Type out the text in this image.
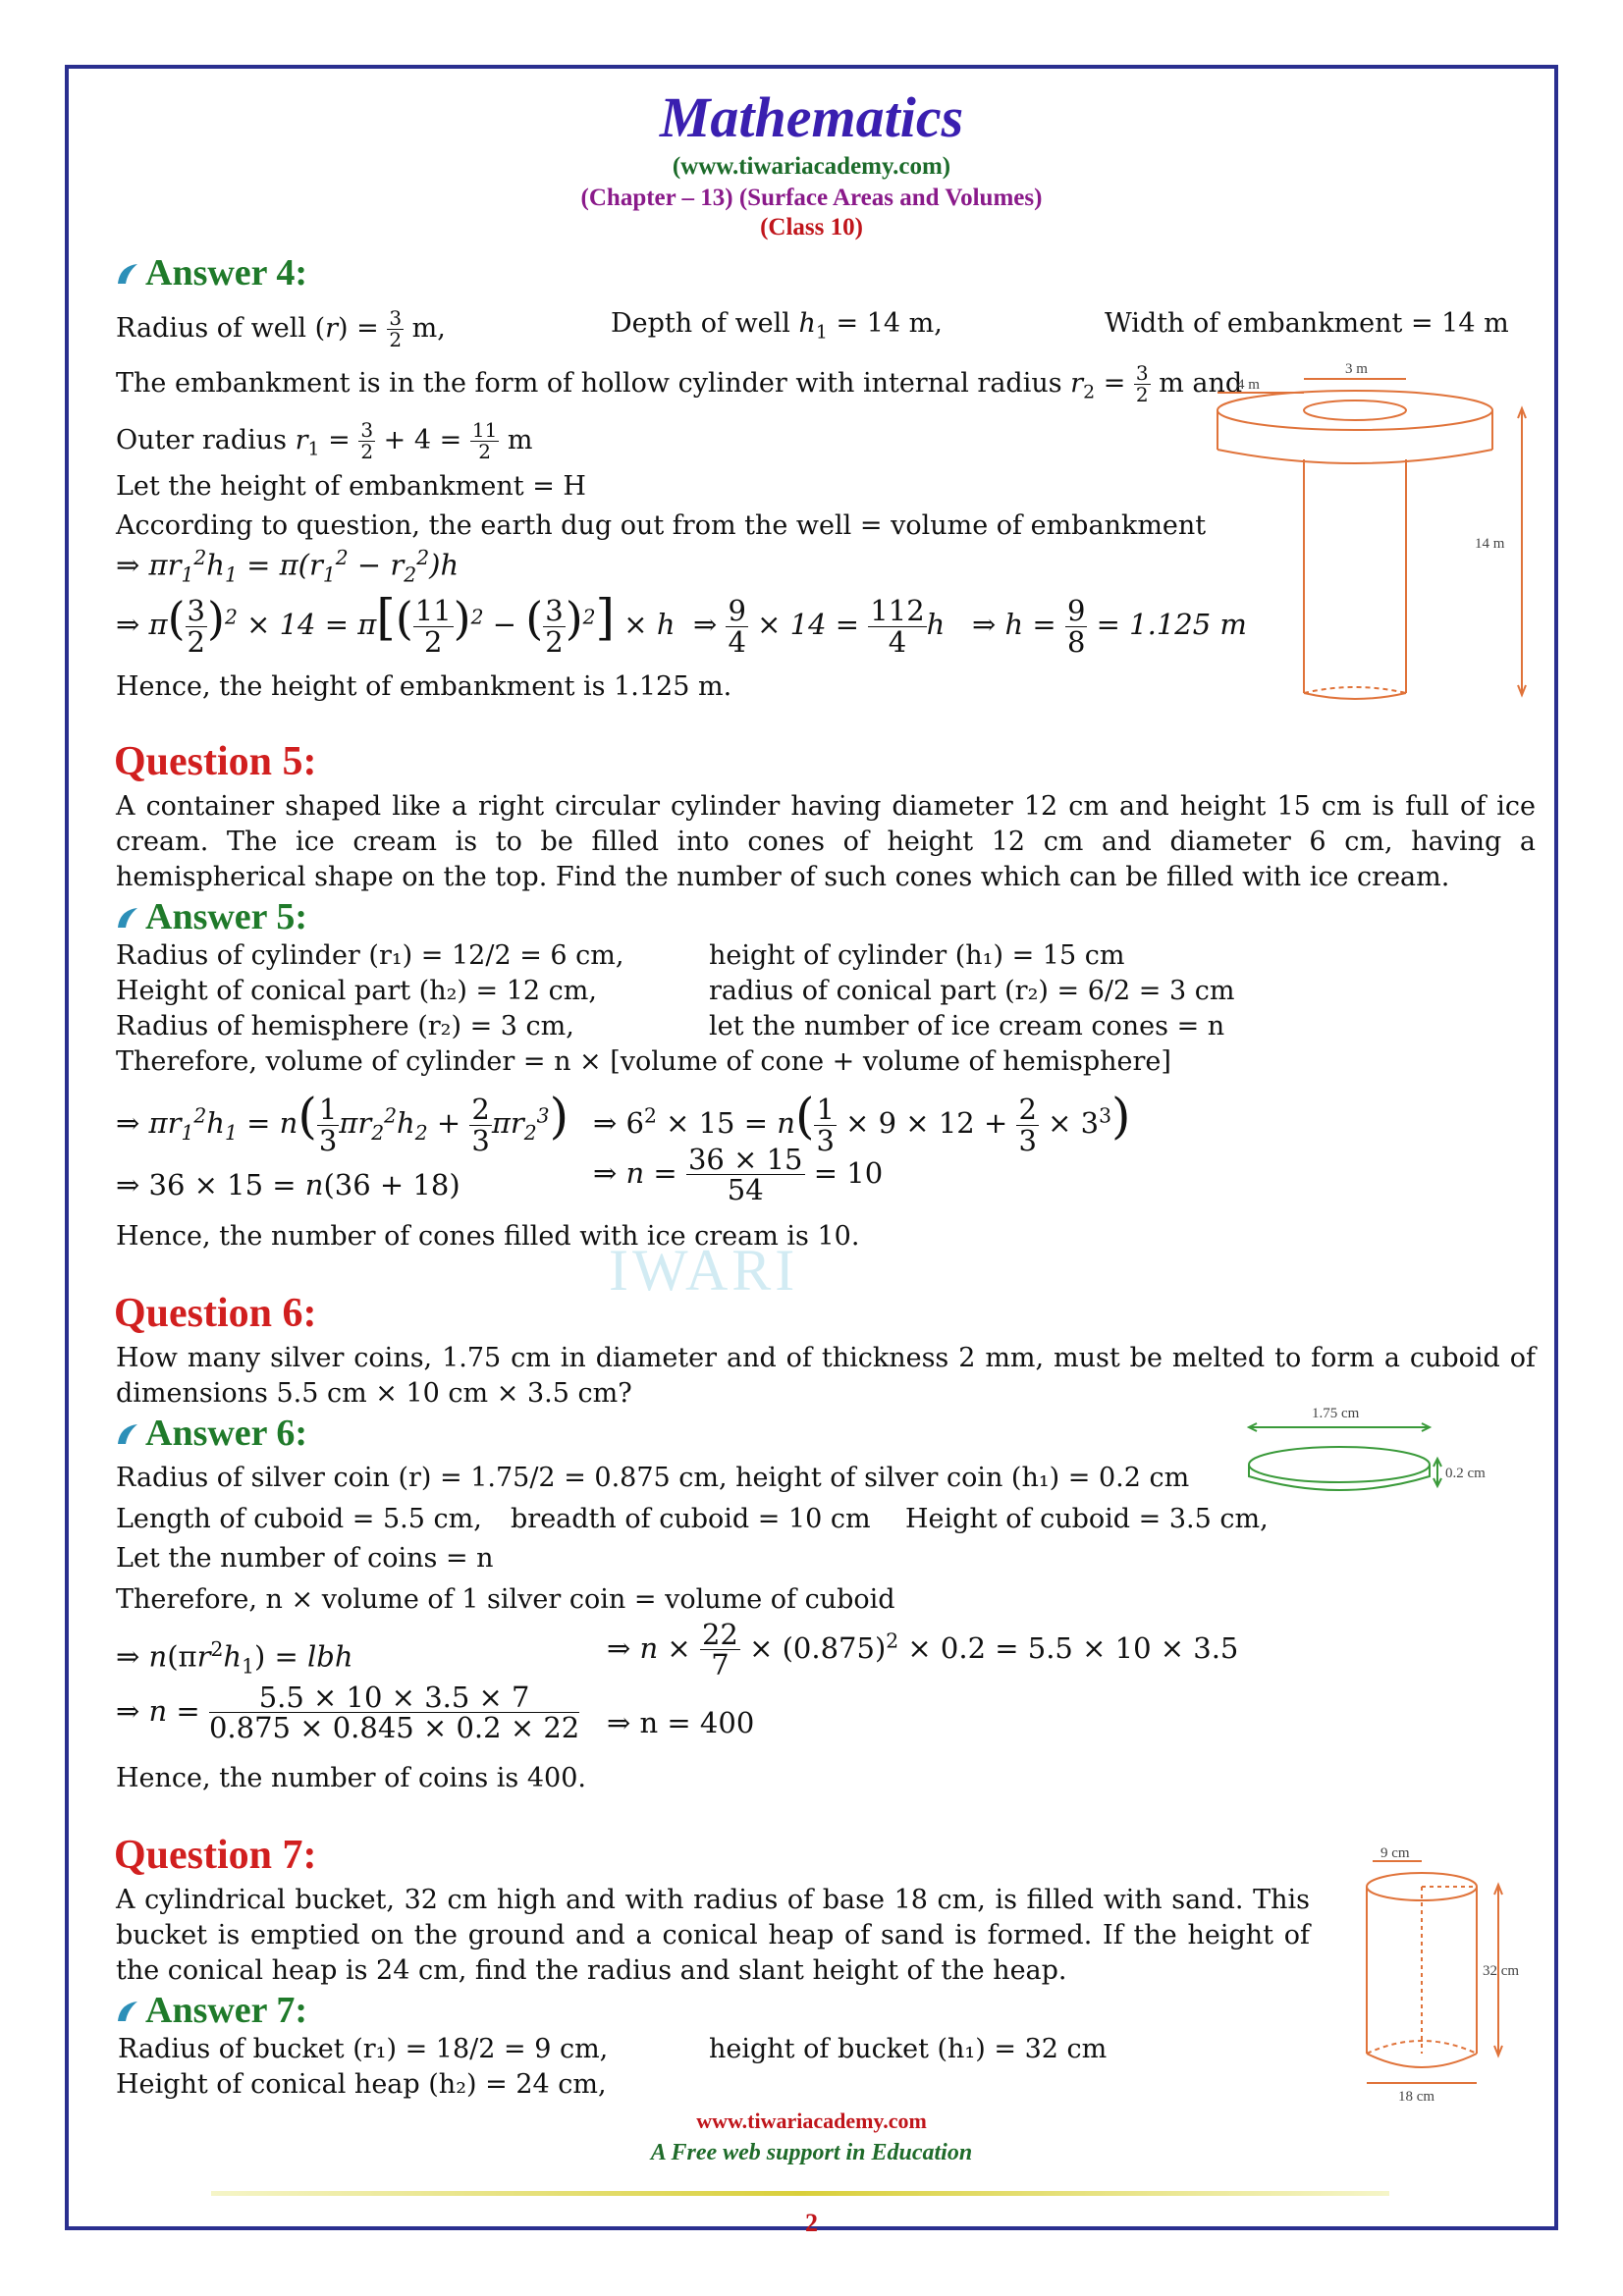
Mathematics
(www.tiwariacademy.com)
(Chapter – 13) (Surface Areas and Volumes)
(Class 10)
IWARI
Answer 4:
Radius of well $(r) = \frac{3}{2} m$,	Depth of well $h_1 = 14$ m,	Width of embankment = 14 m
The embankment is in the form of hollow cylinder with internal radius $r_2 = \frac{3}{2}$ m and
Outer radius $r_1 = \frac{3}{2} + 4 = \frac{11}{2}$ m
Let the height of embankment = H
According to question, the earth dug out from the well = volume of embankment
⇒ $\pi r_1^2h_1 = \pi(r_1^2 - r_2^2)h$
⇒ $\pi( \frac{3}{2} )^2 \times 14 = \pi[( \frac{11}{2} )^2$ − ( $\frac{3}{2} )^2] \times h$ ⇒ $\frac{9}{4} \times 14 = \frac{112}{4}$ h ⇒ $h = \frac{9}{8} = 1.125$ m
Hence, the height of embankment is 1.125 m.
3 m
4 m
14 m
Question 5:
A container shaped like a right circular cylinder having diameter 12 cm and height 15 cm is full of ice cream. The ice cream is to be filled into cones of height 12 cm and diameter 6 cm, having a hemispherical shape on the top. Find the number of such cones which can be filled with ice cream.
Answer 5:
Radius of cylinder (r₁) = 12/2 = 6 cm,	height of cylinder (h₁) = 15 cm
Height of conical part (h₂) = 12 cm,	radius of conical part (r₂) = 6/2 = 3 cm
Radius of hemisphere (r₂) = 3 cm,	let the number of ice cream cones = n
Therefore, volume of cylinder = n × [volume of cone + volume of hemisphere]
⇒ $\pi r_1^2h_1 = n( \frac{1}{3} \pi r_2^2h_2 + \frac{2}{3} \pi r_2^3)$ ⇒ $6^2 \times 15 = n( \frac{1}{3} \times 9 \times 12 + \frac{2}{3} \times 3^3)$
⇒ 36 × 15 = n(36 + 18)	⇒ $n = \frac{36 \times 15}{54} = 10$
Hence, the number of cones filled with ice cream is 10.
Question 6:
How many silver coins, 1.75 cm in diameter and of thickness 2 mm, must be melted to form a cuboid of dimensions 5.5 cm × 10 cm × 3.5 cm?
Answer 6:
Radius of silver coin (r) = 1.75/2 = 0.875 cm, height of silver coin (h₁) = 0.2 cm
Length of cuboid = 5.5 cm, breadth of cuboid = 10 cm Height of cuboid = 3.5 cm,
Let the number of coins = n
Therefore, n × volume of 1 silver coin = volume of cuboid
⇒ $n(\pi r^2h_1)$ = lbh	⇒ $n \times \frac{22}{7} \times (0.875)^2 \times 0.2 = 5.5 \times 10 \times 3.5$
⇒ $n = \frac{5.5 \times 10 \times 3.5 \times 7}{0.875 \times 0.845 \times 0.2 \times 22}$ ⇒ n = 400
Hence, the number of coins is 400.
1.75 cm
0.2 cm
Question 7:
A cylindrical bucket, 32 cm high and with radius of base 18 cm, is filled with sand. This bucket is emptied on the ground and a conical heap of sand is formed. If the height of the conical heap is 24 cm, find the radius and slant height of the heap.
Answer 7:
Radius of bucket (r₁) = 18/2 = 9 cm,	height of bucket (h₁) = 32 cm
Height of conical heap (h₂) = 24 cm,
9 cm
32 cm
18 cm
www.tiwariacademy.com
A Free web support in Education
2
